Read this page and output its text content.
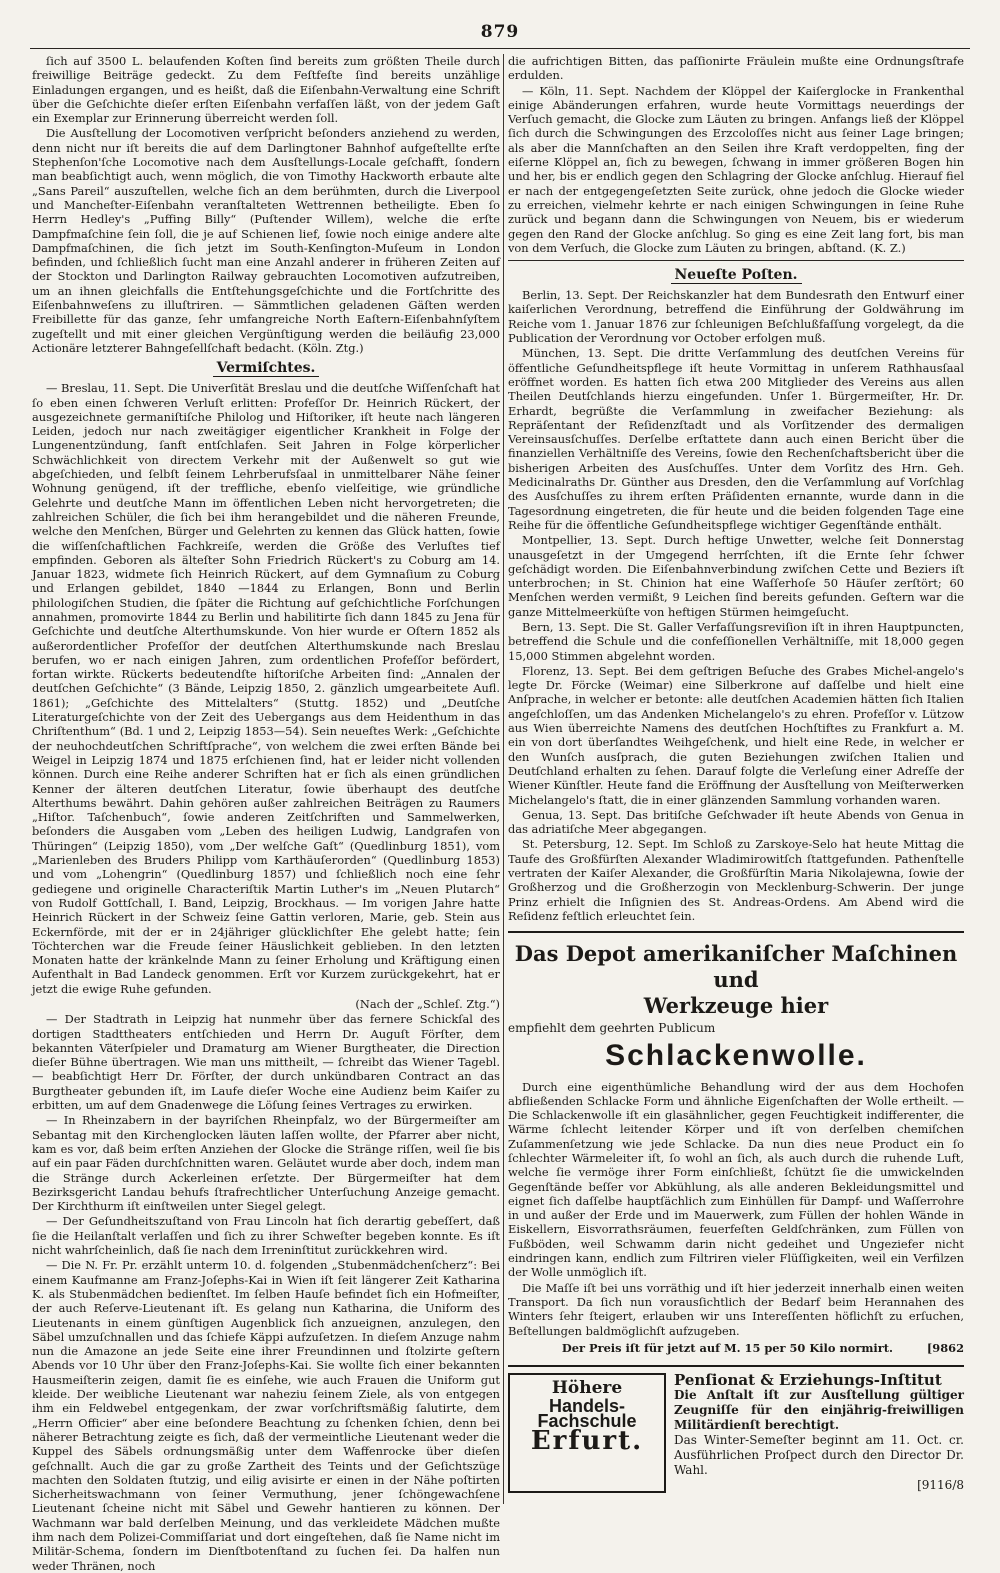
879

ſich auf 3500 L. belaufenden Koſten ſind bereits zum größten Theile durch freiwillige Beiträge gedeckt. Zu dem Feſtfeſte ſind bereits unzählige Einladungen ergangen, und es heißt, daß die Eiſenbahn-Verwaltung eine Schrift über die Geſchichte dieſer erſten Eiſenbahn verfaſſen läßt, von der jedem Gaſt ein Exemplar zur Erinnerung überreicht werden ſoll.

Die Ausſtellung der Locomotiven verſpricht beſonders anziehend zu werden, denn nicht nur iſt bereits die auf dem Darlingtoner Bahnhof aufgeſtellte erſte Stephenſon'ſche Locomotive nach dem Ausſtellungs-Locale geſchafft, ſondern man beabſichtigt auch, wenn möglich, die von Timothy Hackworth erbaute alte „Sans Pareil“ auszuſtellen, welche ſich an dem berühmten, durch die Liverpool und Mancheſter-Eiſenbahn veranſtalteten Wettrennen betheiligte. Eben ſo Herrn Hedley's „Puffing Billy“ (Puſtender Willem), welche die erſte Dampfmaſchine ſein ſoll, die je auf Schienen lief, ſowie noch einige andere alte Dampfmaſchinen, die ſich jetzt im South-Kenſington-Muſeum in London befinden, und ſchließlich ſucht man eine Anzahl anderer in früheren Zeiten auf der Stockton und Darlington Railway gebrauchten Locomotiven aufzutreiben, um an ihnen gleichfalls die Entſtehungsgeſchichte und die Fortſchritte des Eiſenbahnweſens zu illuſtriren. — Sämmtlichen geladenen Gäſten werden Freibillette für das ganze, ſehr umfangreiche North Eaſtern-Eiſenbahnſyſtem zugeſtellt und mit einer gleichen Vergünſtigung werden die beiläufig 23,000 Actionäre letzterer Bahngeſellſchaft bedacht. (Köln. Ztg.)

Vermiſchtes.

— Breslau, 11. Sept. Die Univerſität Breslau und die deutſche Wiſſenſchaft hat ſo eben einen ſchweren Verluſt erlitten: Profeſſor Dr. Heinrich Rückert, der ausgezeichnete germaniſtiſche Philolog und Hiſtoriker, iſt heute nach längeren Leiden, jedoch nur nach zweitägiger eigentlicher Krankheit in Folge der Lungenentzündung, ſanft entſchlafen. Seit Jahren in Folge körperlicher Schwächlichkeit von directem Verkehr mit der Außenwelt so gut wie abgeſchieden, und ſelbſt ſeinem Lehrberufsſaal in unmittelbarer Nähe ſeiner Wohnung genügend, iſt der treffliche, ebenſo vielſeitige, wie gründliche Gelehrte und deutſche Mann im öffentlichen Leben nicht hervorgetreten; die zahlreichen Schüler, die ſich bei ihm herangebildet und die näheren Freunde, welche den Menſchen, Bürger und Gelehrten zu kennen das Glück hatten, ſowie die wiſſenſchaftlichen Fachkreiſe, werden die Größe des Verluſtes tief empfinden. Geboren als älteſter Sohn Friedrich Rückert's zu Coburg am 14. Januar 1823, widmete ſich Heinrich Rückert, auf dem Gymnaſium zu Coburg und Erlangen gebildet, 1840 —1844 zu Erlangen, Bonn und Berlin philologiſchen Studien, die ſpäter die Richtung auf geſchichtliche Forſchungen annahmen, promovirte 1844 zu Berlin und habilitirte ſich dann 1845 zu Jena für Geſchichte und deutſche Alterthumskunde. Von hier wurde er Oſtern 1852 als außerordentlicher Profeſſor der deutſchen Alterthumskunde nach Breslau berufen, wo er nach einigen Jahren, zum ordentlichen Profeſſor befördert, fortan wirkte. Rückerts bedeutendſte hiſtoriſche Arbeiten ſind: „Annalen der deutſchen Geſchichte“ (3 Bände, Leipzig 1850, 2. gänzlich umgearbeitete Aufl. 1861); „Geſchichte des Mittelalters“ (Stuttg. 1852) und „Deutſche Literaturgeſchichte von der Zeit des Uebergangs aus dem Heidenthum in das Chriſtenthum“ (Bd. 1 und 2, Leipzig 1853—54). Sein neueſtes Werk: „Geſchichte der neuhochdeutſchen Schriftſprache“, von welchem die zwei erſten Bände bei Weigel in Leipzig 1874 und 1875 erſchienen ſind, hat er leider nicht vollenden können. Durch eine Reihe anderer Schriften hat er ſich als einen gründlichen Kenner der älteren deutſchen Literatur, ſowie überhaupt des deutſche Alterthums bewährt. Dahin gehören außer zahlreichen Beiträgen zu Raumers „Hiſtor. Taſchenbuch“, ſowie anderen Zeitſchriften und Sammelwerken, beſonders die Ausgaben vom „Leben des heiligen Ludwig, Landgrafen von Thüringen“ (Leipzig 1850), vom „Der welſche Gaſt“ (Quedlinburg 1851), vom „Marienleben des Bruders Philipp vom Karthäuſerorden“ (Quedlinburg 1853) und vom „Lohengrin“ (Quedlinburg 1857) und ſchließlich noch eine ſehr gediegene und originelle Characteriſtik Martin Luther's im „Neuen Plutarch“ von Rudolf Gottſchall, I. Band, Leipzig, Brockhaus. — Im vorigen Jahre hatte Heinrich Rückert in der Schweiz ſeine Gattin verloren, Marie, geb. Stein aus Eckernförde, mit der er in 24jähriger glücklichſter Ehe gelebt hatte; ſein Töchterchen war die Freude ſeiner Häuslichkeit geblieben. In den letzten Monaten hatte der kränkelnde Mann zu ſeiner Erholung und Kräftigung einen Aufenthalt in Bad Landeck genommen. Erſt vor Kurzem zurückgekehrt, hat er jetzt die ewige Ruhe gefunden.

(Nach der „Schleſ. Ztg.“)

— Der Stadtrath in Leipzig hat nunmehr über das fernere Schickſal des dortigen Stadttheaters entſchieden und Herrn Dr. Auguſt Förſter, dem bekannten Väterſpieler und Dramaturg am Wiener Burgtheater, die Direction dieſer Bühne übertragen. Wie man uns mittheilt, — ſchreibt das Wiener Tagebl. — beabſichtigt Herr Dr. Förſter, der durch unkündbaren Contract an das Burgtheater gebunden iſt, im Laufe dieſer Woche eine Audienz beim Kaiſer zu erbitten, um auf dem Gnadenwege die Löſung ſeines Vertrages zu erwirken.

— In Rheinzabern in der bayriſchen Rheinpfalz, wo der Bürgermeiſter am Sebantag mit den Kirchenglocken läuten laſſen wollte, der Pfarrer aber nicht, kam es vor, daß beim erſten Anziehen der Glocke die Stränge riſſen, weil ſie bis auf ein paar Fäden durchſchnitten waren. Geläutet wurde aber doch, indem man die Stränge durch Ackerleinen erſetzte. Der Bürgermeiſter hat dem Bezirksgericht Landau behufs ſtrafrechtlicher Unterſuchung Anzeige gemacht. Der Kirchthurm iſt einſtweilen unter Siegel gelegt.

— Der Geſundheitszuſtand von Frau Lincoln hat ſich derartig gebeſſert, daß ſie die Heilanſtalt verlaſſen und ſich zu ihrer Schweſter begeben konnte. Es iſt nicht wahrſcheinlich, daß ſie nach dem Irreninſtitut zurückkehren wird.

— Die N. Fr. Pr. erzählt unterm 10. d. folgenden „Stubenmädchenſcherz“: Bei einem Kaufmanne am Franz-Joſephs-Kai in Wien iſt ſeit längerer Zeit Katharina K. als Stubenmädchen bedienſtet. Im ſelben Hauſe befindet ſich ein Hofmeiſter, der auch Reſerve-Lieutenant iſt. Es gelang nun Katharina, die Uniform des Lieutenants in einem günſtigen Augenblick ſich anzueignen, anzulegen, den Säbel umzuſchnallen und das ſchiefe Käppi aufzuſetzen. In dieſem Anzuge nahm nun die Amazone an jede Seite eine ihrer Freundinnen und ſtolzirte geſtern Abends vor 10 Uhr über den Franz-Joſephs-Kai. Sie wollte ſich einer bekannten Hausmeiſterin zeigen, damit ſie es einſehe, wie auch Frauen die Uniform gut kleide. Der weibliche Lieutenant war naheziu ſeinem Ziele, als von entgegen ihm ein Feldwebel entgegenkam, der zwar vorſchriftsmäßig ſalutirte, dem „Herrn Officier“ aber eine beſondere Beachtung zu ſchenken ſchien, denn bei näherer Betrachtung zeigte es ſich, daß der vermeintliche Lieutenant weder die Kuppel des Säbels ordnungsmäßig unter dem Waffenrocke über dieſen geſchnallt. Auch die gar zu große Zartheit des Teints und der Geſichtszüge machten den Soldaten ſtutzig, und eilig avisirte er einen in der Nähe poſtirten Sicherheitswachmann von ſeiner Vermuthung, jener ſchöngewachſene Lieutenant ſcheine nicht mit Säbel und Gewehr hantieren zu können. Der Wachmann war bald derſelben Meinung, und das verkleidete Mädchen mußte ihm nach dem Polizei-Commiſſariat und dort eingeſtehen, daß ſie Name nicht im Militär-Schema, ſondern im Dienſtbotenſtand zu ſuchen ſei. Da halfen nun weder Thränen, noch

die aufrichtigen Bitten, das paſſionirte Fräulein mußte eine Ordnungsſtrafe erdulden.

— Köln, 11. Sept. Nachdem der Klöppel der Kaiſerglocke in Frankenthal einige Abänderungen erfahren, wurde heute Vormittags neuerdings der Verſuch gemacht, die Glocke zum Läuten zu bringen. Anfangs ließ der Klöppel ſich durch die Schwingungen des Erzcoloſſes nicht aus ſeiner Lage bringen; als aber die Mannſchaften an den Seilen ihre Kraft verdoppelten, fing der eiſerne Klöppel an, ſich zu bewegen, ſchwang in immer größeren Bogen hin und her, bis er endlich gegen den Schlagring der Glocke anſchlug. Hierauf fiel er nach der entgegengeſetzten Seite zurück, ohne jedoch die Glocke wieder zu erreichen, vielmehr kehrte er nach einigen Schwingungen in ſeine Ruhe zurück und begann dann die Schwingungen von Neuem, bis er wiederum gegen den Rand der Glocke anſchlug. So ging es eine Zeit lang fort, bis man von dem Verſuch, die Glocke zum Läuten zu bringen, abſtand. (K. Z.)

Neueſte Poſten.

Berlin, 13. Sept. Der Reichskanzler hat dem Bundesrath den Entwurf einer kaiſerlichen Verordnung, betreffend die Einführung der Goldwährung im Reiche vom 1. Januar 1876 zur ſchleunigen Beſchlußfaſſung vorgelegt, da die Publication der Verordnung vor October erfolgen muß.

München, 13. Sept. Die dritte Verſammlung des deutſchen Vereins für öffentliche Geſundheitspflege iſt heute Vormittag in unſerem Rathhausſaal eröffnet worden. Es hatten ſich etwa 200 Mitglieder des Vereins aus allen Theilen Deutſchlands hierzu eingefunden. Unſer 1. Bürgermeiſter, Hr. Dr. Erhardt, begrüßte die Verſammlung in zweifacher Beziehung: als Repräſentant der Reſidenzſtadt und als Vorſitzender des dermaligen Vereinsausſchuſſes. Derſelbe erſtattete dann auch einen Bericht über die finanziellen Verhältniſſe des Vereins, ſowie den Rechenſchaftsbericht über die bisherigen Arbeiten des Ausſchuſſes. Unter dem Vorſitz des Hrn. Geh. Medicinalraths Dr. Günther aus Dresden, den die Verſammlung auf Vorſchlag des Ausſchuſſes zu ihrem erſten Präſidenten ernannte, wurde dann in die Tagesordnung eingetreten, die für heute und die beiden folgenden Tage eine Reihe für die öffentliche Geſundheitspflege wichtiger Gegenſtände enthält.

Montpellier, 13. Sept. Durch heftige Unwetter, welche ſeit Donnerstag unausgeſetzt in der Umgegend herrſchten, iſt die Ernte ſehr ſchwer geſchädigt worden. Die Eiſenbahnverbindung zwiſchen Cette und Beziers iſt unterbrochen; in St. Chinion hat eine Waſſerhoſe 50 Häuſer zerſtört; 60 Menſchen werden vermißt, 9 Leichen ſind bereits gefunden. Geſtern war die ganze Mittelmeerküſte von heftigen Stürmen heimgeſucht.

Bern, 13. Sept. Die St. Galler Verfaſſungsreviſion iſt in ihren Hauptpuncten, betreffend die Schule und die confeſſionellen Verhältniſſe, mit 18,000 gegen 15,000 Stimmen abgelehnt worden.

Florenz, 13. Sept. Bei dem geſtrigen Beſuche des Grabes Michel-angelo's legte Dr. Förcke (Weimar) eine Silberkrone auf daſſelbe und hielt eine Anſprache, in welcher er betonte: alle deutſchen Academien hätten ſich Italien angeſchloſſen, um das Andenken Michelangelo's zu ehren. Profeſſor v. Lützow aus Wien überreichte Namens des deutſchen Hochſtiftes zu Frankfurt a. M. ein von dort überſandtes Weihgeſchenk, und hielt eine Rede, in welcher er den Wunſch ausſprach, die guten Beziehungen zwiſchen Italien und Deutſchland erhalten zu ſehen. Darauf folgte die Verleſung einer Adreſſe der Wiener Künſtler. Heute fand die Eröffnung der Ausſtellung von Meiſterwerken Michelangelo's ſtatt, die in einer glänzenden Sammlung vorhanden waren.

Genua, 13. Sept. Das britiſche Geſchwader iſt heute Abends von Genua in das adriatiſche Meer abgegangen.

St. Petersburg, 12. Sept. Im Schloß zu Zarskoye-Selo hat heute Mittag die Taufe des Großfürſten Alexander Wladimirowitſch ſtattgefunden. Pathenſtelle vertraten der Kaiſer Alexander, die Großfürſtin Maria Nikolajewna, ſowie der Großherzog und die Großherzogin von Mecklenburg-Schwerin. Der junge Prinz erhielt die Inſignien des St. Andreas-Ordens. Am Abend wird die Reſidenz feſtlich erleuchtet ſein.

Das Depot amerikaniſcher Maſchinen und
Werkzeuge hier
empfiehlt dem geehrten Publicum
Schlackenwolle.

Durch eine eigenthümliche Behandlung wird der aus dem Hochofen abfließenden Schlacke Form und ähnliche Eigenſchaften der Wolle ertheilt. — Die Schlackenwolle iſt ein glasähnlicher, gegen Feuchtigkeit indifferenter, die Wärme ſchlecht leitender Körper und iſt von derſelben chemiſchen Zuſammenſetzung wie jede Schlacke. Da nun dies neue Product ein ſo ſchlechter Wärmeleiter iſt, ſo wohl an ſich, als auch durch die ruhende Luft, welche ſie vermöge ihrer Form einſchließt, ſchützt ſie die umwickelnden Gegenſtände beſſer vor Abkühlung, als alle anderen Bekleidungsmittel und eignet ſich daſſelbe hauptſächlich zum Einhüllen für Dampf- und Waſſerrohre in und außer der Erde und im Mauerwerk, zum Füllen der hohlen Wände in Eiskellern, Eisvorrathsräumen, feuerfeſten Geldſchränken, zum Füllen von Fußböden, weil Schwamm darin nicht gedeihet und Ungeziefer nicht eindringen kann, endlich zum Filtriren vieler Flüſſigkeiten, weil ein Verfilzen der Wolle unmöglich iſt.

Die Maſſe iſt bei uns vorräthig und iſt hier jederzeit innerhalb einen weiten Transport. Da ſich nun vorausſichtlich der Bedarf beim Herannahen des Winters ſehr ſteigert, erlauben wir uns Intereſſenten höflichſt zu erſuchen, Beſtellungen baldmöglichſt aufzugeben.

Der Preis iſt für jetzt auf M. 15 per 50 Kilo normirt.	[9862
Höhere
Handels-Fachschule
Erfurt.
Penſionat & Erziehungs-Inſtitut
Die Anſtalt iſt zur Ausſtellung gültiger Zeugniſſe für den einjährig-freiwilligen Militärdienſt berechtigt.
Das Winter-Semeſter beginnt am 11. Oct. cr. Ausführlichen Proſpect durch den Director Dr. Wahl.
[9116/8
